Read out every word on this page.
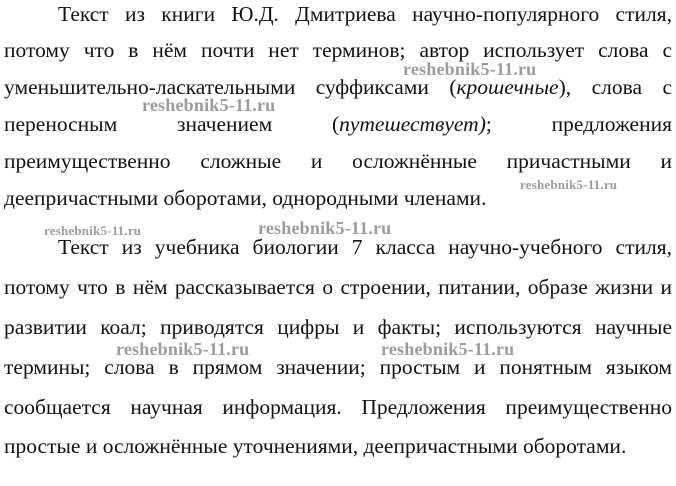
Текст из книги Ю.Д. Дмитриева научно-популярного стиля,
потому что в нём почти нет терминов; автор использует слова с
уменьшительно-ласкательными суффиксами (крошечные), слова с
переносным значением (путешествует); предложения
преимущественно сложные и осложнённые причастными и
деепричастными оборотами, однородными членами.
Текст из учебника биологии 7 класса научно-учебного стиля,
потому что в нём рассказывается о строении, питании, образе жизни и
развитии коал; приводятся цифры и факты; используются научные
термины; слова в прямом значении; простым и понятным языком
сообщается научная информация. Предложения преимущественно
простые и осложнённые уточнениями, деепричастными оборотами.
reshebnik5-11.ru
reshebnik5-11.ru
reshebnik5-11.ru
reshebnik5-11.ru	reshebnik5-11.ru
reshebnik5-11.ru	reshebnik5-11.ru
